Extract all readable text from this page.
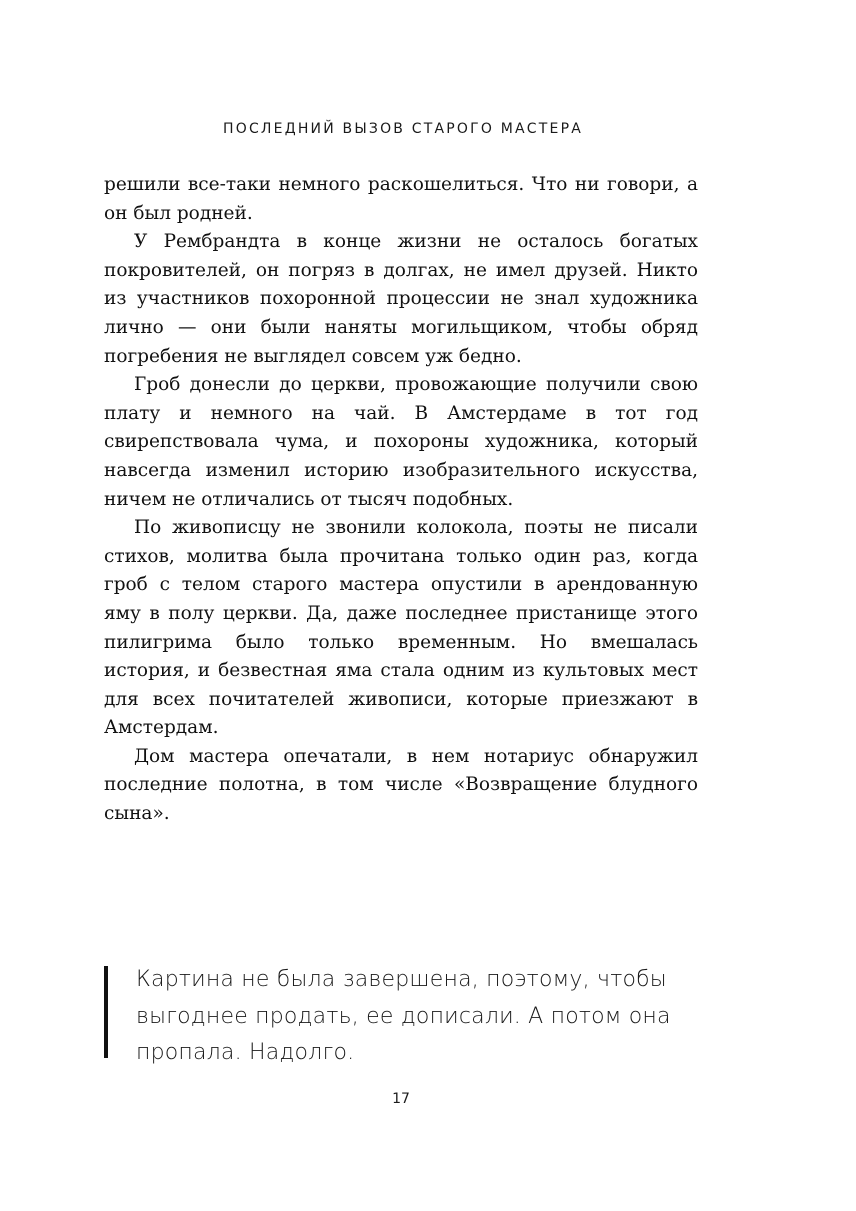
ПОСЛЕДНИЙ ВЫЗОВ СТАРОГО МАСТЕРА

решили все-таки немного раскошелиться. Что ни говори, а он был родней.

У Рембрандта в конце жизни не осталось богатых покровителей, он погряз в долгах, не имел друзей. Никто из участников похоронной процессии не знал художника лично — они были наняты могильщиком, чтобы обряд погребения не выглядел совсем уж бедно.

Гроб донесли до церкви, провожающие получили свою плату и немного на чай. В Амстердаме в тот год свирепствовала чума, и похороны художника, который навсегда изменил историю изобразительного искусства, ничем не отличались от тысяч подобных.

По живописцу не звонили колокола, поэты не писали стихов, молитва была прочитана только один раз, когда гроб с телом старого мастера опустили в арендованную яму в полу церкви. Да, даже последнее пристанище этого пилигрима было только временным. Но вмешалась история, и безвестная яма стала одним из культовых мест для всех почитателей живописи, которые приезжают в Амстердам.

Дом мастера опечатали, в нем нотариус обнаружил последние полотна, в том числе «Возвращение блудного сына».

Картина не была завершена, поэтому, чтобы выгоднее продать, ее дописали. А потом она пропала. Надолго.
17
